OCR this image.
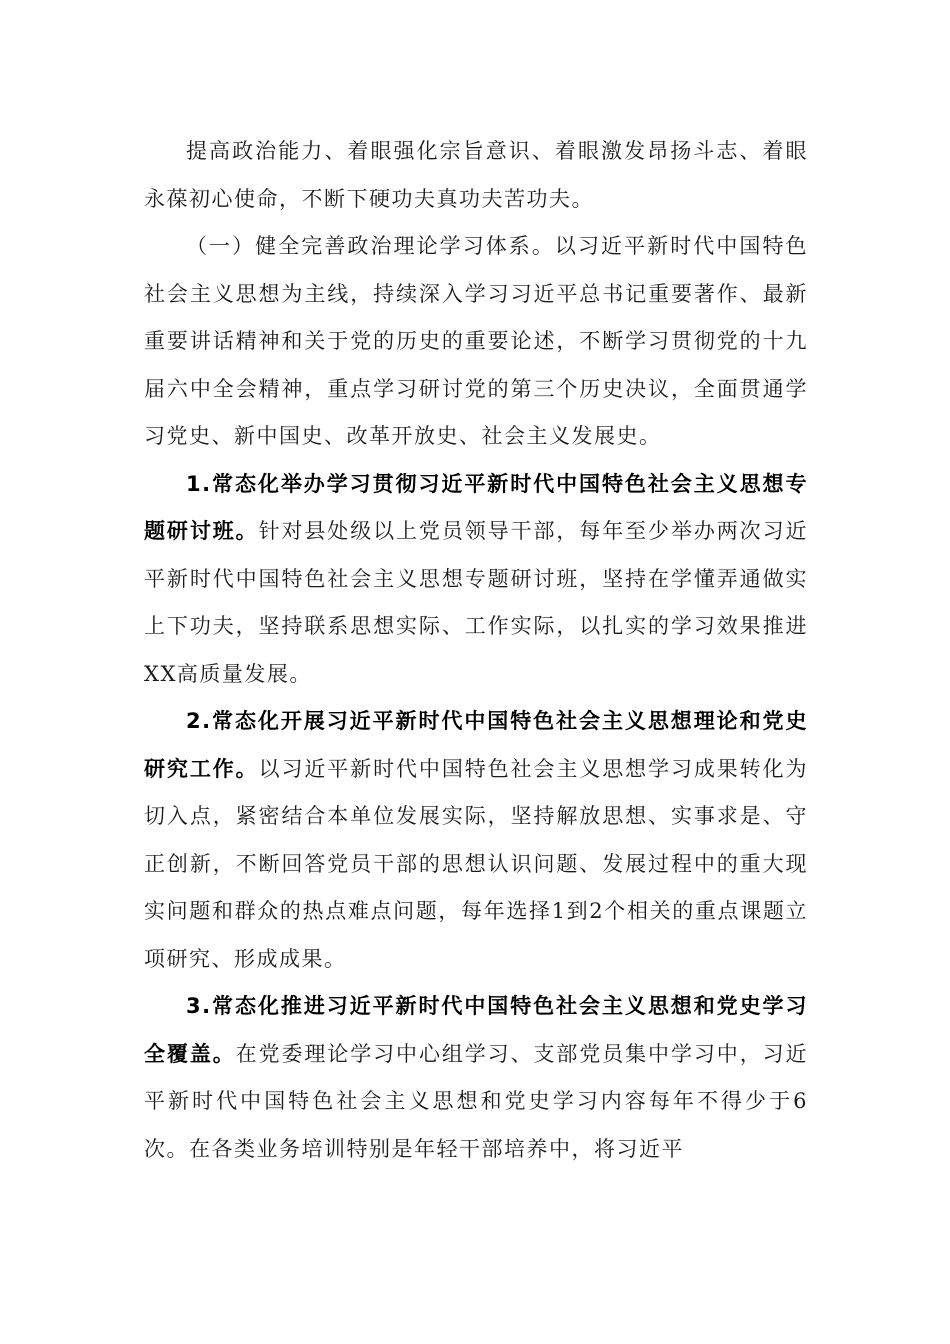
提高政治能力、着眼强化宗旨意识、着眼激发昂扬斗志、着眼永葆初心使命，不断下硬功夫真功夫苦功夫。

（一）健全完善政治理论学习体系。以习近平新时代中国特色社会主义思想为主线，持续深入学习习近平总书记重要著作、最新重要讲话精神和关于党的历史的重要论述，不断学习贯彻党的十九届六中全会精神，重点学习研讨党的第三个历史决议，全面贯通学习党史、新中国史、改革开放史、社会主义发展史。

1.常态化举办学习贯彻习近平新时代中国特色社会主义思想专题研讨班。针对县处级以上党员领导干部，每年至少举办两次习近平新时代中国特色社会主义思想专题研讨班，坚持在学懂弄通做实上下功夫，坚持联系思想实际、工作实际，以扎实的学习效果推进XX高质量发展。

2.常态化开展习近平新时代中国特色社会主义思想理论和党史研究工作。以习近平新时代中国特色社会主义思想学习成果转化为切入点，紧密结合本单位发展实际，坚持解放思想、实事求是、守正创新，不断回答党员干部的思想认识问题、发展过程中的重大现实问题和群众的热点难点问题，每年选择1到2个相关的重点课题立项研究、形成成果。

3.常态化推进习近平新时代中国特色社会主义思想和党史学习全覆盖。在党委理论学习中心组学习、支部党员集中学习中，习近平新时代中国特色社会主义思想和党史学习内容每年不得少于6次。在各类业务培训特别是年轻干部培养中，将习近平
